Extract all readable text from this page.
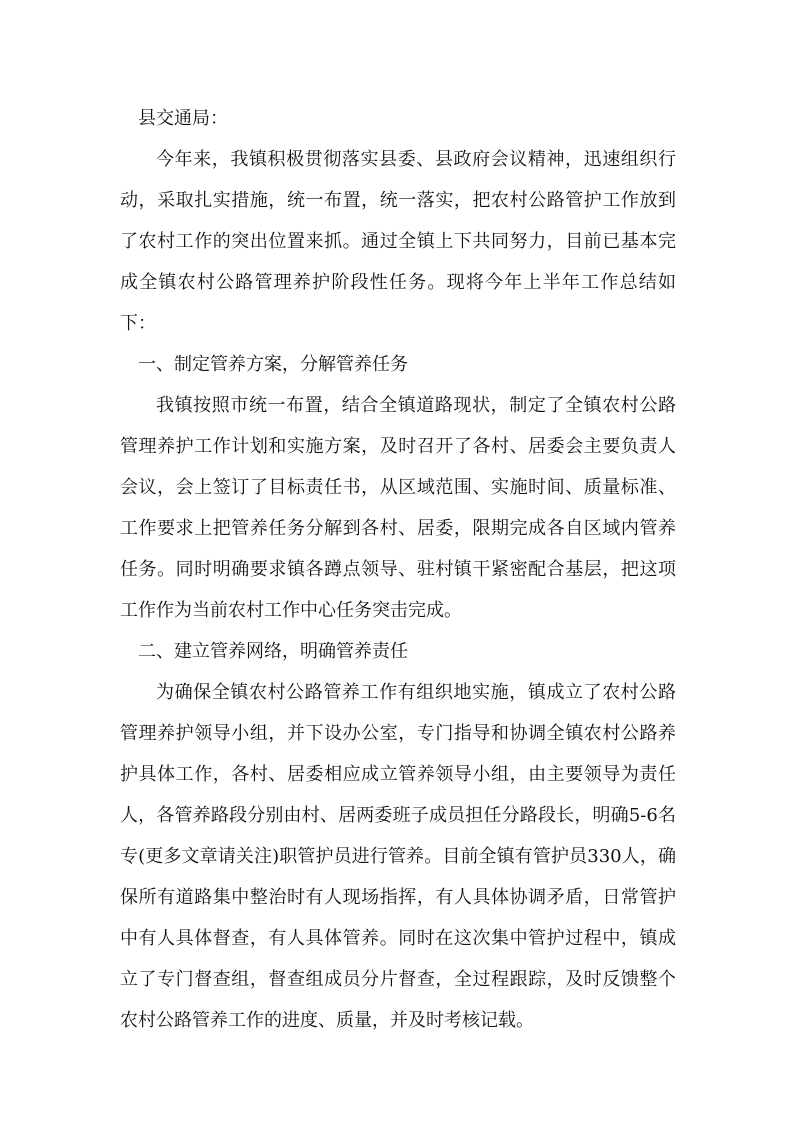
县交通局：

今年来，我镇积极贯彻落实县委、县政府会议精神，迅速组织行动，采取扎实措施，统一布置，统一落实，把农村公路管护工作放到了农村工作的突出位置来抓。通过全镇上下共同努力，目前已基本完成全镇农村公路管理养护阶段性任务。现将今年上半年工作总结如下：

一、制定管养方案，分解管养任务

我镇按照市统一布置，结合全镇道路现状，制定了全镇农村公路管理养护工作计划和实施方案，及时召开了各村、居委会主要负责人会议，会上签订了目标责任书，从区域范围、实施时间、质量标准、工作要求上把管养任务分解到各村、居委，限期完成各自区域内管养任务。同时明确要求镇各蹲点领导、驻村镇干紧密配合基层，把这项工作作为当前农村工作中心任务突击完成。

二、建立管养网络，明确管养责任

为确保全镇农村公路管养工作有组织地实施，镇成立了农村公路管理养护领导小组，并下设办公室，专门指导和协调全镇农村公路养护具体工作，各村、居委相应成立管养领导小组，由主要领导为责任人，各管养路段分别由村、居两委班子成员担任分路段长，明确5-6名专(更多文章请关注)职管护员进行管养。目前全镇有管护员330人，确保所有道路集中整治时有人现场指挥，有人具体协调矛盾，日常管护中有人具体督查，有人具体管养。同时在这次集中管护过程中，镇成立了专门督查组，督查组成员分片督查，全过程跟踪，及时反馈整个农村公路管养工作的进度、质量，并及时考核记载。
